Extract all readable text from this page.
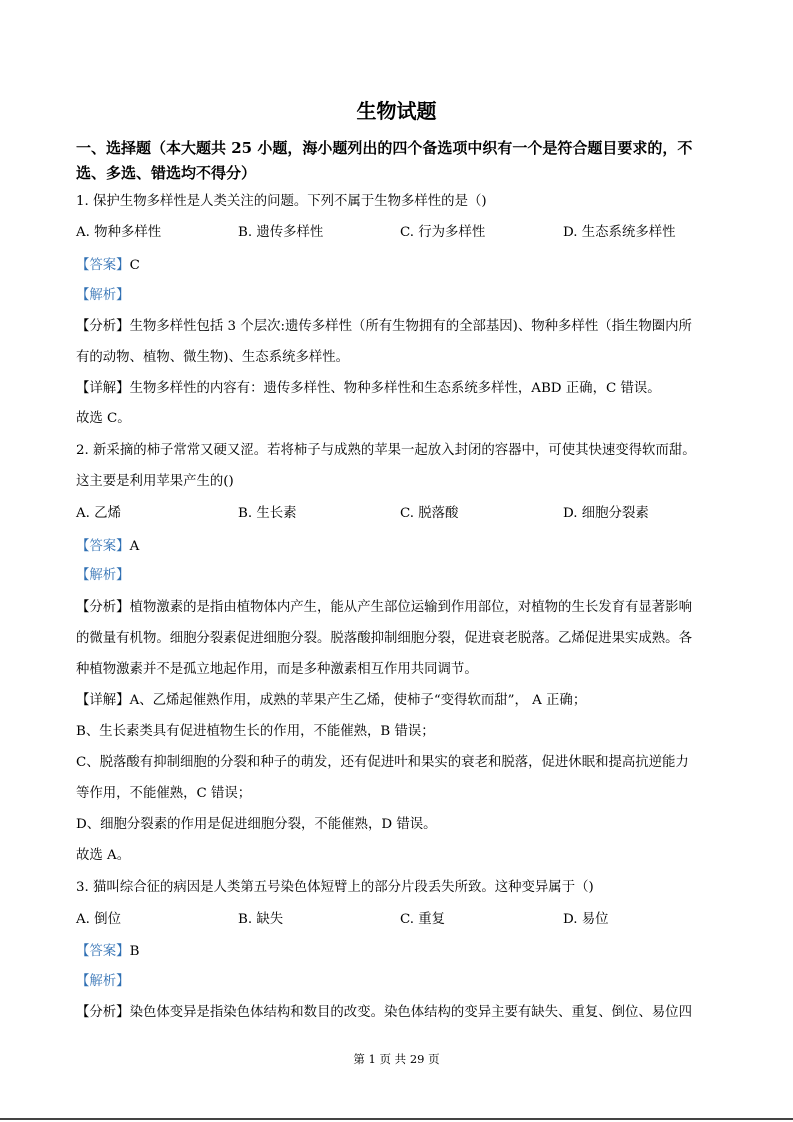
生物试题
一、选择题（本大题共 25 小题，海小题列出的四个备选项中织有一个是符合题目要求的，不
选、多选、错选均不得分）
1. 保护生物多样性是人类关注的问题。下列不属于生物多样性的是（)
A. 物种多样性	B. 遗传多样性	C. 行为多样性	D. 生态系统多样性
【答案】C
【解析】
【分析】生物多样性包括 3 个层次:遗传多样性（所有生物拥有的全部基因)、物种多样性（指生物圈内所
有的动物、植物、微生物)、生态系统多样性。
【详解】生物多样性的内容有：遗传多样性、物种多样性和生态系统多样性，ABD 正确，C 错误。
故选 C。
2. 新采摘的柿子常常又硬又涩。若将柿子与成熟的苹果一起放入封闭的容器中，可使其快速变得软而甜。
这主要是利用苹果产生的()
A. 乙烯	B. 生长素	C. 脱落酸	D. 细胞分裂素
【答案】A
【解析】
【分析】植物激素的是指由植物体内产生，能从产生部位运输到作用部位，对植物的生长发育有显著影响
的微量有机物。细胞分裂素促进细胞分裂。脱落酸抑制细胞分裂，促进衰老脱落。乙烯促进果实成熟。各
种植物激素并不是孤立地起作用，而是多种激素相互作用共同调节。
【详解】A、乙烯起催熟作用，成熟的苹果产生乙烯，使柿子“变得软而甜”， A 正确；
B、生长素类具有促进植物生长的作用，不能催熟，B 错误；
C、脱落酸有抑制细胞的分裂和种子的萌发，还有促进叶和果实的衰老和脱落，促进休眠和提高抗逆能力
等作用，不能催熟，C 错误；
D、细胞分裂素的作用是促进细胞分裂，不能催熟，D 错误。
故选 A。
3. 猫叫综合征的病因是人类第五号染色体短臂上的部分片段丢失所致。这种变异属于（)
A. 倒位	B. 缺失	C. 重复	D. 易位
【答案】B
【解析】
【分析】染色体变异是指染色体结构和数目的改变。染色体结构的变异主要有缺失、重复、倒位、易位四
第 1 页 共 29 页
